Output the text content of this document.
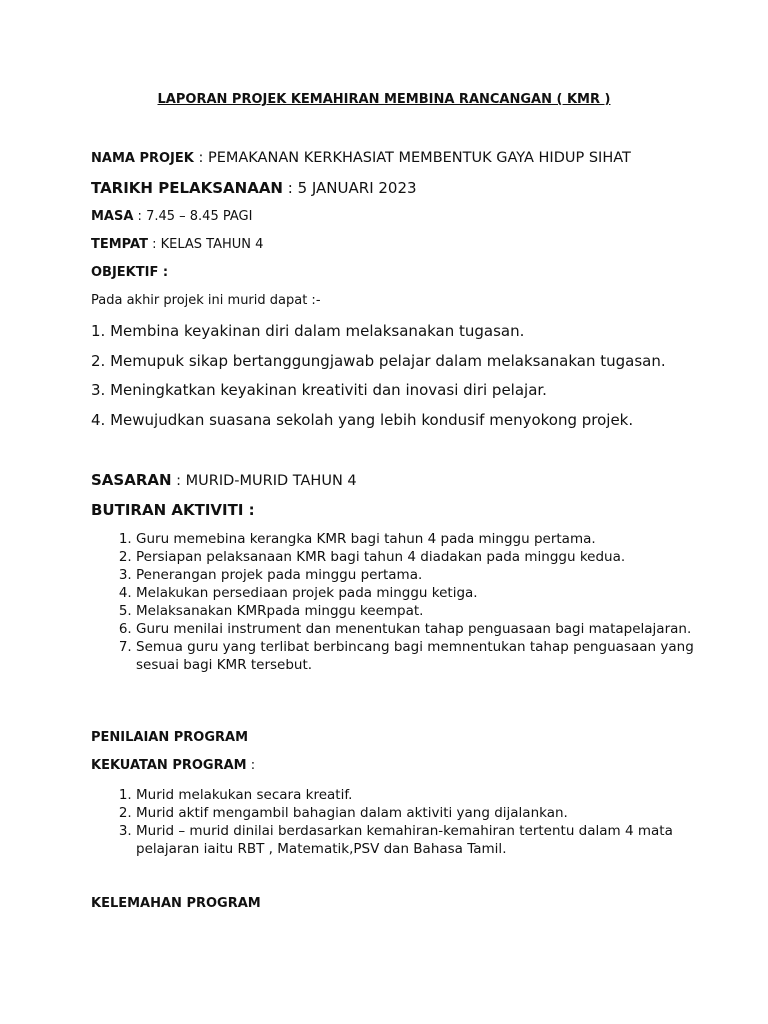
LAPORAN PROJEK KEMAHIRAN MEMBINA RANCANGAN ( KMR )
NAMA PROJEK : PEMAKANAN KERKHASIAT MEMBENTUK GAYA HIDUP SIHAT
TARIKH PELAKSANAAN : 5 JANUARI 2023
MASA : 7.45 – 8.45 PAGI
TEMPAT : KELAS TAHUN 4
OBJEKTIF :
Pada akhir projek ini murid dapat :-
1. Membina keyakinan diri dalam melaksanakan tugasan.
2. Memupuk sikap bertanggungjawab pelajar dalam melaksanakan tugasan.
3. Meningkatkan keyakinan kreativiti dan inovasi diri pelajar.
4. Mewujudkan suasana sekolah yang lebih kondusif menyokong projek.
SASARAN : MURID-MURID TAHUN 4
BUTIRAN AKTIVITI :
1. Guru memebina kerangka KMR bagi tahun 4 pada minggu pertama.
2. Persiapan pelaksanaan KMR bagi tahun 4 diadakan pada minggu kedua.
3. Penerangan projek pada minggu pertama.
4. Melakukan persediaan projek pada minggu ketiga.
5. Melaksanakan KMRpada minggu keempat.
6. Guru menilai instrument dan menentukan tahap penguasaan bagi matapelajaran.
7. Semua guru yang terlibat berbincang bagi memnentukan tahap penguasaan yang sesuai bagi KMR tersebut.
PENILAIAN PROGRAM
KEKUATAN PROGRAM :
1. Murid melakukan secara kreatif.
2. Murid aktif mengambil bahagian dalam aktiviti yang dijalankan.
3. Murid – murid dinilai berdasarkan kemahiran-kemahiran tertentu dalam 4 mata pelajaran iaitu RBT , Matematik,PSV dan Bahasa Tamil.
KELEMAHAN PROGRAM
